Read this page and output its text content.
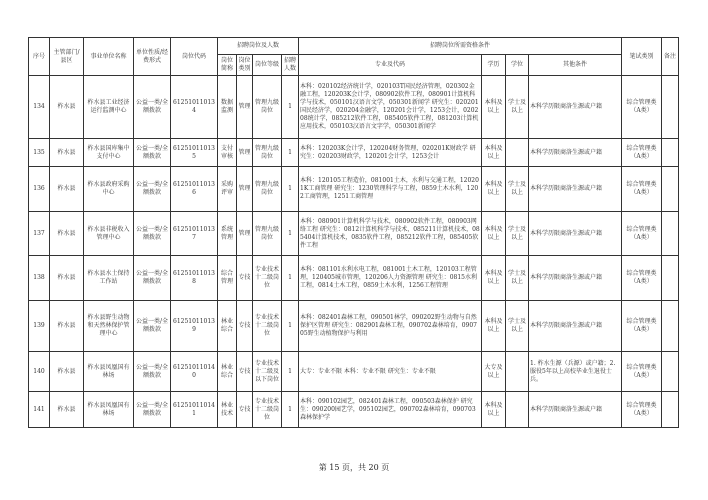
序号	主管部门/县区	事业单位名称	单位性质/经费形式	岗位代码	招聘岗位及人数				招聘岗位所需资格条件				笔试类别	备注
					岗位简称	岗位类别	岗位等级	招聘人数	专业及代码	学历	学位	其他条件		
134	柞水县	柞水县工业经济运行监测中心	公益一类/全额拨款	612510110134	数据监测	管理	管理九级岗位	1	本科：020102经济统计学，020103T国民经济管理，020302金融工程，120203K会计学，080902软件工程，080901计算机科学与技术，050101汉语言文学，050301新闻学 研究生：020201国民经济学，020204金融学，120201会计学，1253会计，020208统计学，085212软件工程，085405软件工程，081203计算机应用技术，050103汉语言文字学，050301新闻学	本科及以上	学士及以上	本科学历限商洛生源或户籍	综合管理类（A类）	
135	柞水县	柞水县国库集中支付中心	公益一类/全额拨款	612510110135	支付审核	管理	管理九级岗位	1	本科：120203K会计学，120204财务管理，020201K财政学 研究生：020203财政学，120201会计学，1253会计	本科及以上		本科学历限商洛生源或户籍	综合管理类（A类）	
136	柞水县	柞水县政府采购中心	公益一类/全额拨款	612510110136	采购评审	管理	管理九级岗位	1	本科：120105工程造价，081001土木，水利与交通工程，120201K工商管理 研究生：1230管理科学与工程，0859土木水利，1202工商管理，1251工商管理	本科及以上	学士及以上	本科学历限商洛生源或户籍	综合管理类（A类）	
137	柞水县	柞水县非税收入管理中心	公益一类/全额拨款	612510110137	系统管理	管理	管理九级岗位	1	本科：080901计算机科学与技术，080902软件工程，080903网络工程 研究生：0812计算机科学与技术，085211计算机技术，085404计算机技术，0835软件工程，085212软件工程，085405软件工程	本科及以上	学士及以上	本科学历限商洛生源或户籍	综合管理类（A类）	
138	柞水县	柞水县水土保持工作站	公益一类/全额拨款	612510110138	综合管理	专技	专业技术十二级岗位	1	本科：081101水利水电工程，081001土木工程，120103工程管理，120405城市管理，120206人力资源管理 研究生：0815水利工程，0814土木工程，0859土木水利，1256工程管理	本科及以上	学士及以上	本科学历限商洛生源或户籍	综合管理类（A类）	
139	柞水县	柞水县野生动物和天然林保护管理中心	公益一类/全额拨款	612510110139	林业综合	专技	专业技术十二级岗位	1	本科：082401森林工程，090501林学，090202野生动物与自然保护区管理 研究生：082901森林工程，090702森林培育，090705野生动植物保护与利用	本科及以上	学士及以上	本科学历限商洛生源或户籍	综合管理类（A类）	
140	柞水县	柞水县凤凰国有林场	公益一类/全额拨款	612510110140	林业综合	专技	专业技术十二级及以下岗位	1	大专：专业不限 本科：专业不限 研究生：专业不限	大专及以上		1. 柞水生源（兵源）或户籍；2. 服役5年以上高校毕业生退役士兵。	综合管理类（A类）	
141	柞水县	柞水县凤凰国有林场	公益一类/全额拨款	612510110141	林业技术	专技	专业技术十二级岗位	1	本科：090102园艺，082401森林工程，090503森林保护 研究生：090200园艺学，095102园艺，090702森林培育，090703森林保护学	本科及以上		本科学历限商洛生源或户籍	综合管理类（A类）	
第 15 页，共 20 页
